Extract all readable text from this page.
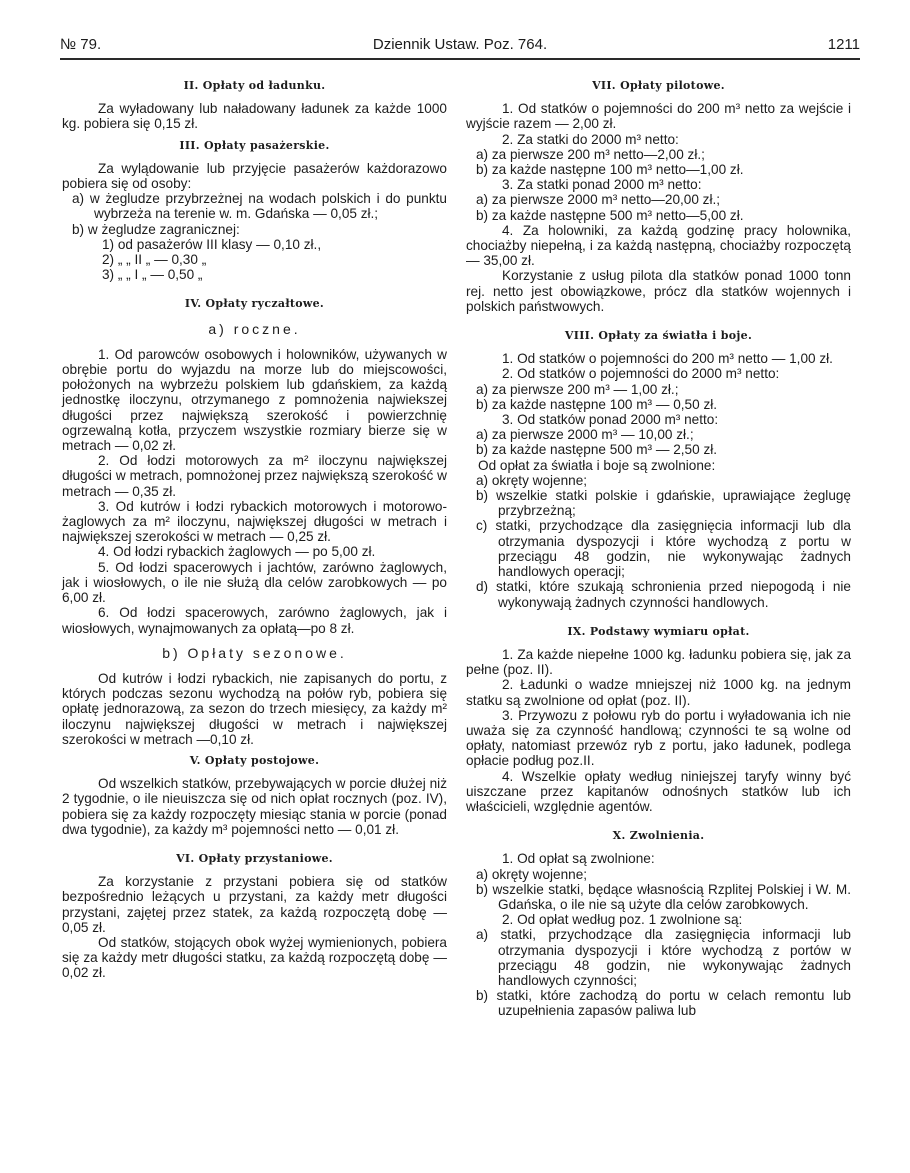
№ 79.	Dziennik Ustaw. Poz. 764.	1211
II. Opłaty od ładunku.

Za wyładowany lub naładowany ładunek za każde 1000 kg. pobiera się 0,15 zł.

III. Opłaty pasażerskie.

Za wylądowanie lub przyjęcie pasażerów każdorazowo pobiera się od osoby:

a) w żegludze przybrzeżnej na wodach polskich i do punktu wybrzeża na terenie w. m. Gdańska — 0,05 zł.;

b) w żegludze zagranicznej:

1) od pasażerów III klasy — 0,10 zł.,

2) „ „ II „ — 0,30 „

3) „ „ I „ — 0,50 „

IV. Opłaty ryczałtowe.
a) roczne.

1. Od parowców osobowych i holowników, używanych w obrębie portu do wyjazdu na morze lub do miejscowości, położonych na wybrzeżu polskiem lub gdańskiem, za każdą jednostkę iloczynu, otrzymanego z pomnożenia najwiekszej długości przez największą szerokość i powierzchnię ogrzewalną kotła, przyczem wszystkie rozmiary bierze się w metrach — 0,02 zł.

2. Od łodzi motorowych za m² iloczynu największej długości w metrach, pomnożonej przez największą szerokość w metrach — 0,35 zł.

3. Od kutrów i łodzi rybackich motorowych i motorowo-żaglowych za m² iloczynu, największej długości w metrach i największej szerokości w metrach — 0,25 zł.

4. Od łodzi rybackich żaglowych — po 5,00 zł.

5. Od łodzi spacerowych i jachtów, zarówno żaglowych, jak i wiosłowych, o ile nie służą dla celów zarobkowych — po 6,00 zł.

6. Od łodzi spacerowych, zarówno żaglowych, jak i wiosłowych, wynajmowanych za opłatą—po 8 zł.

b) Opłaty sezonowe.

Od kutrów i łodzi rybackich, nie zapisanych do portu, z których podczas sezonu wychodzą na połów ryb, pobiera się opłatę jednorazową, za sezon do trzech miesięcy, za każdy m² iloczynu największej długości w metrach i największej szerokości w metrach —0,10 zł.

V. Opłaty postojowe.

Od wszelkich statków, przebywających w porcie dłużej niż 2 tygodnie, o ile nieuiszcza się od nich opłat rocznych (poz. IV), pobiera się za każdy rozpoczęty miesiąc stania w porcie (ponad dwa tygodnie), za każdy m³ pojemności netto — 0,01 zł.

VI. Opłaty przystaniowe.

Za korzystanie z przystani pobiera się od statków bezpośrednio leżących u przystani, za każdy metr długości przystani, zajętej przez statek, za każdą rozpoczętą dobę — 0,05 zł.

Od statków, stojących obok wyżej wymienionych, pobiera się za każdy metr długości statku, za każdą rozpoczętą dobę — 0,02 zł.

VII. Opłaty pilotowe.

1. Od statków o pojemności do 200 m³ netto za wejście i wyjście razem — 2,00 zł.

2. Za statki do 2000 m³ netto:

a) za pierwsze 200 m³ netto—2,00 zł.;

b) za każde następne 100 m³ netto—1,00 zł.

3. Za statki ponad 2000 m³ netto:

a) za pierwsze 2000 m³ netto—20,00 zł.;

b) za każde następne 500 m³ netto—5,00 zł.

4. Za holowniki, za każdą godzinę pracy holownika, chociażby niepełną, i za każdą następną, chociażby rozpoczętą — 35,00 zł.

Korzystanie z usług pilota dla statków ponad 1000 tonn rej. netto jest obowiązkowe, prócz dla statków wojennych i polskich państwowych.

VIII. Opłaty za światła i boje.

1. Od statków o pojemności do 200 m³ netto — 1,00 zł.

2. Od statków o pojemności do 2000 m³ netto:

a) za pierwsze 200 m³ — 1,00 zł.;

b) za każde następne 100 m³ — 0,50 zł.

3. Od statków ponad 2000 m³ netto:

a) za pierwsze 2000 m³ — 10,00 zł.;

b) za każde następne 500 m³ — 2,50 zł.

Od opłat za światła i boje są zwolnione:

a) okręty wojenne;

b) wszelkie statki polskie i gdańskie, uprawiające żeglugę przybrzeżną;

c) statki, przychodzące dla zasięgnięcia informacji lub dla otrzymania dyspozycji i które wychodzą z portu w przeciągu 48 godzin, nie wykonywając żadnych handlowych operacji;

d) statki, które szukają schronienia przed niepogodą i nie wykonywają żadnych czynności handlowych.

IX. Podstawy wymiaru opłat.

1. Za każde niepełne 1000 kg. ładunku pobiera się, jak za pełne (poz. II).

2. Ładunki o wadze mniejszej niż 1000 kg. na jednym statku są zwolnione od opłat (poz. II).

3. Przywozu z połowu ryb do portu i wyładowania ich nie uważa się za czynność handlową; czynności te są wolne od opłaty, natomiast przewóz ryb z portu, jako ładunek, podlega opłacie podług poz.II.

4. Wszelkie opłaty według niniejszej taryfy winny być uiszczane przez kapitanów odnośnych statków lub ich właścicieli, względnie agentów.

X. Zwolnienia.

1. Od opłat są zwolnione:

a) okręty wojenne;

b) wszelkie statki, będące własnością Rzplitej Polskiej i W. M. Gdańska, o ile nie są użyte dla celów zarobkowych.

2. Od opłat według poz. 1 zwolnione są:

a) statki, przychodzące dla zasięgnięcia informacji lub otrzymania dyspozycji i które wychodzą z portów w przeciągu 48 godzin, nie wykonywając żadnych handlowych czynności;

b) statki, które zachodzą do portu w celach remontu lub uzupełnienia zapasów paliwa lub
